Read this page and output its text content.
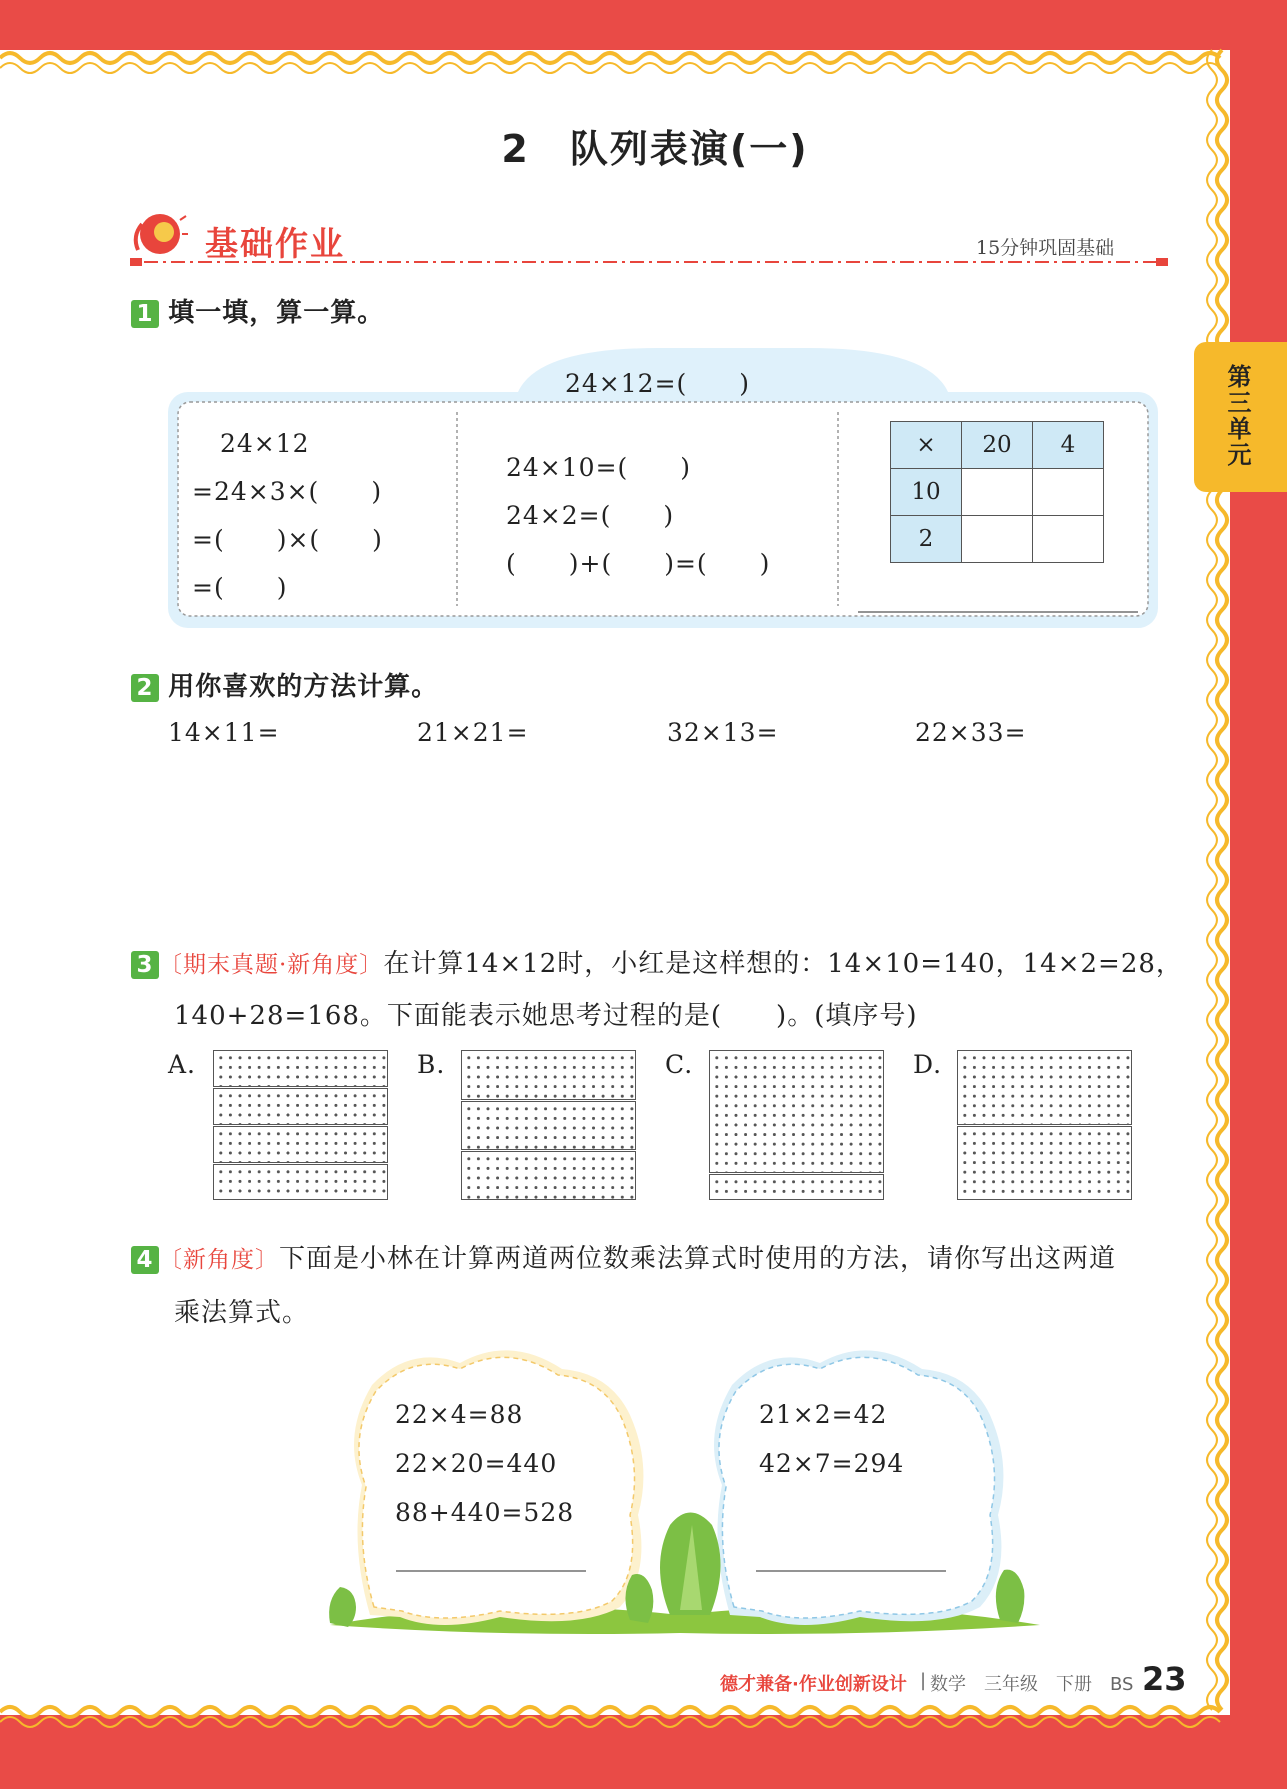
第三单元
2　队列表演(一)
基础作业	15分钟巩固基础
1 填一填，算一算。
24×12=(　　)
24×12
=24×3×(　　)
=(　　)×(　　)
=(　　)
24×10=(　　)
24×2=(　　)
(　　)+(　　)=(　　)
×	20	4
10		
2		
2 用你喜欢的方法计算。
14×11=	21×21=	32×13=	22×33=
3 〔期末真题·新角度〕在计算14×12时，小红是这样想的：14×10=140，14×2=28，
140+28=168。下面能表示她思考过程的是(　　)。(填序号)
A.	B.	C.	D.
4 〔新角度〕下面是小林在计算两道两位数乘法算式时使用的方法，请你写出这两道
乘法算式。
22×4=88
22×20=440
88+440=528
21×2=42
42×7=294
德才兼备·作业创新设计 | 数学　三年级　下册　BS 23
